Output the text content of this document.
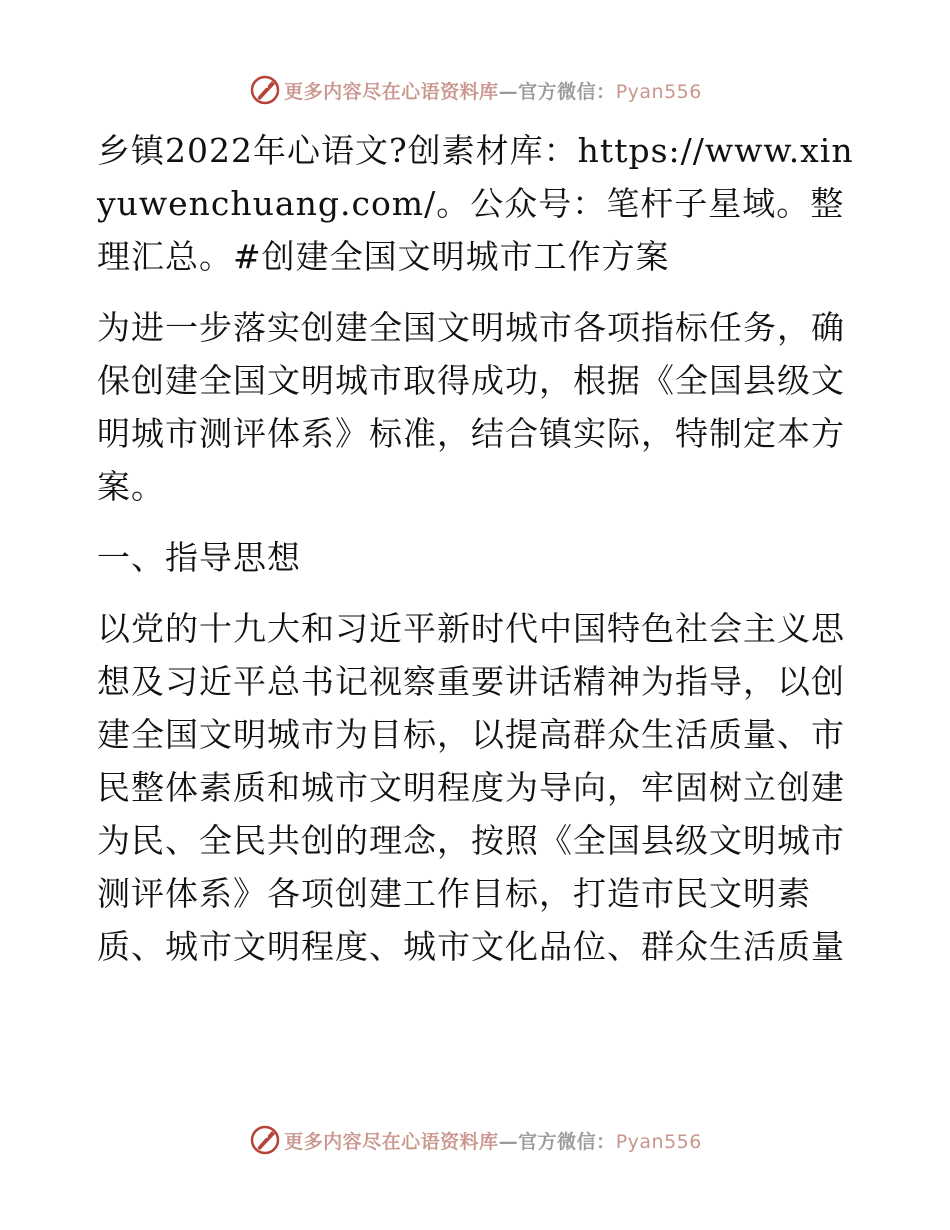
更多内容尽在心语资料库—官方微信：Pyan556

乡镇2022年心语文?创素材库：https://www.xinyuwenchuang.com/。公众号：笔杆子星域。整理汇总。#创建全国文明城市工作方案

为进一步落实创建全国文明城市各项指标任务，确保创建全国文明城市取得成功，根据《全国县级文明城市测评体系》标准，结合镇实际，特制定本方案。

一、指导思想

以党的十九大和习近平新时代中国特色社会主义思想及习近平总书记视察重要讲话精神为指导，以创建全国文明城市为目标，以提高群众生活质量、市民整体素质和城市文明程度为导向，牢固树立创建为民、全民共创的理念，按照《全国县级文明城市测评体系》各项创建工作目标，打造市民文明素质、城市文明程度、城市文化品位、群众生活质量

更多内容尽在心语资料库—官方微信：Pyan556
